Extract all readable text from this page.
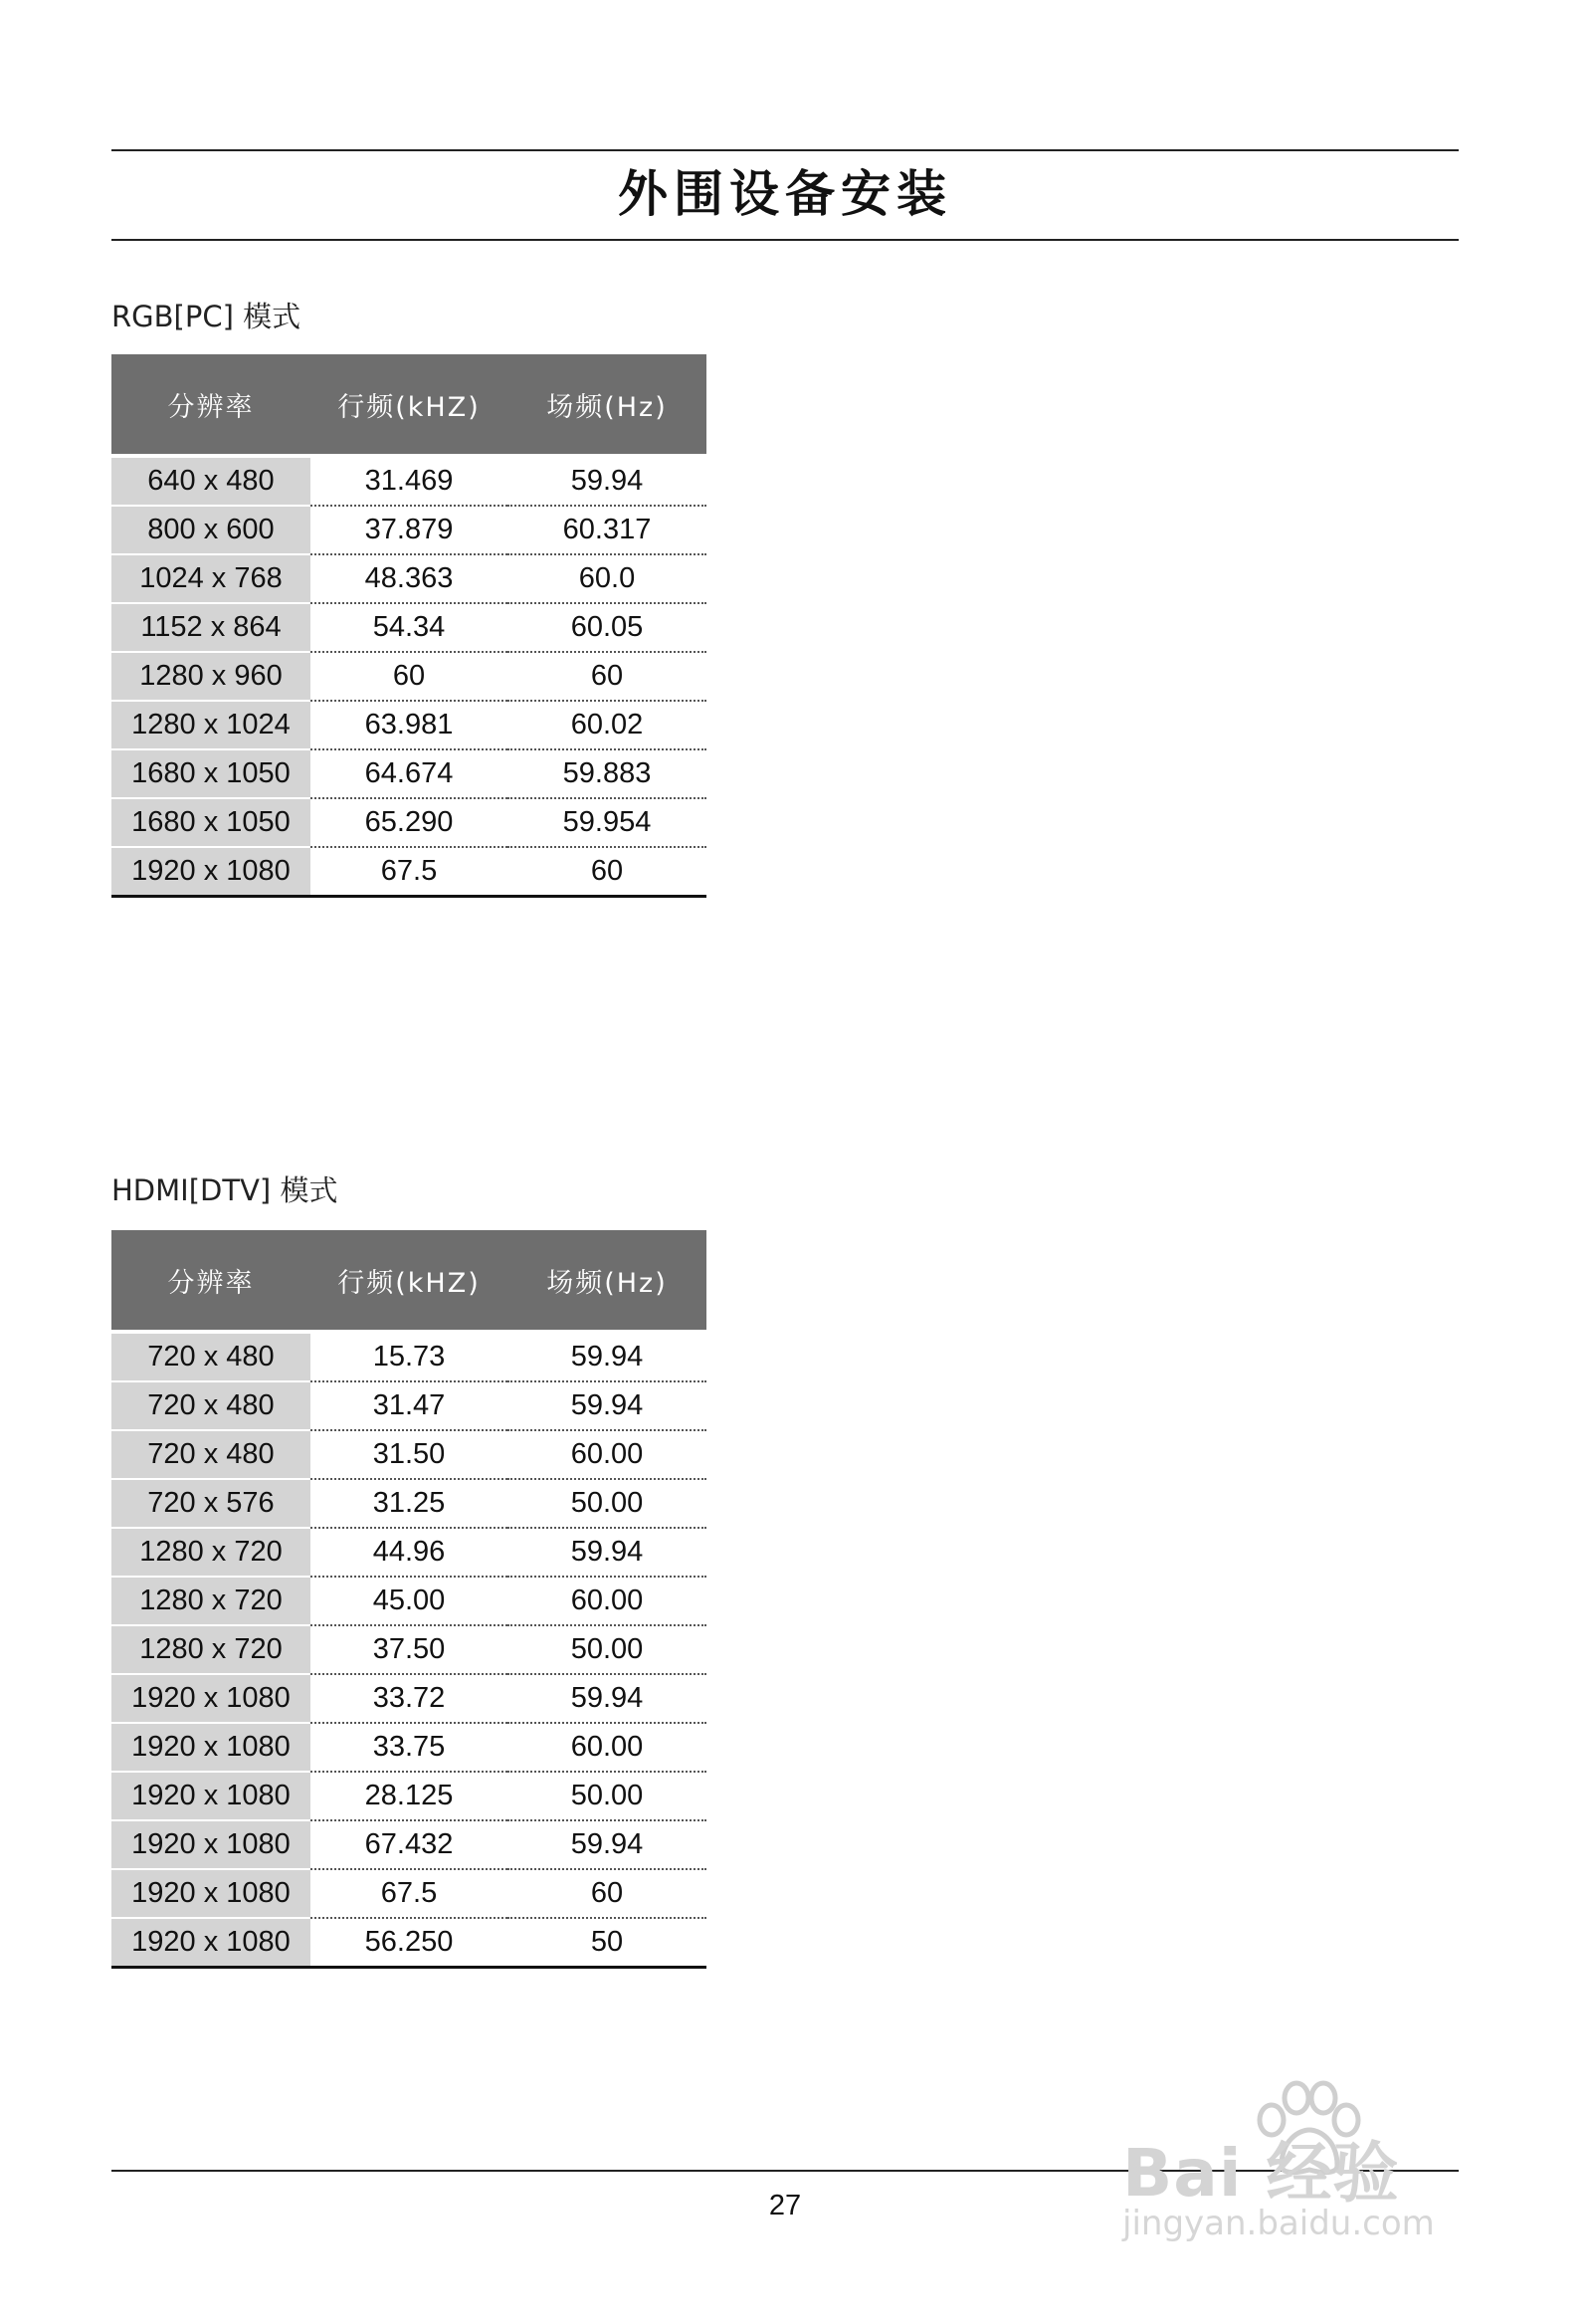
外围设备安装
RGB[PC] 模式
分辨率	行频(kHZ)	场频(Hz)
640 x 480	31.469	59.94
800 x 600	37.879	60.317
1024 x 768	48.363	60.0
1152 x 864	54.34	60.05
1280 x 960	60	60
1280 x 1024	63.981	60.02
1680 x 1050	64.674	59.883
1680 x 1050	65.290	59.954
1920 x 1080	67.5	60
HDMI[DTV] 模式
分辨率	行频(kHZ)	场频(Hz)
720 x 480	15.73	59.94
720 x 480	31.47	59.94
720 x 480	31.50	60.00
720 x 576	31.25	50.00
1280 x 720	44.96	59.94
1280 x 720	45.00	60.00
1280 x 720	37.50	50.00
1920 x 1080	33.72	59.94
1920 x 1080	33.75	60.00
1920 x 1080	28.125	50.00
1920 x 1080	67.432	59.94
1920 x 1080	67.5	60
1920 x 1080	56.250	50
27	Bai 经验
jingyan.baidu.com
